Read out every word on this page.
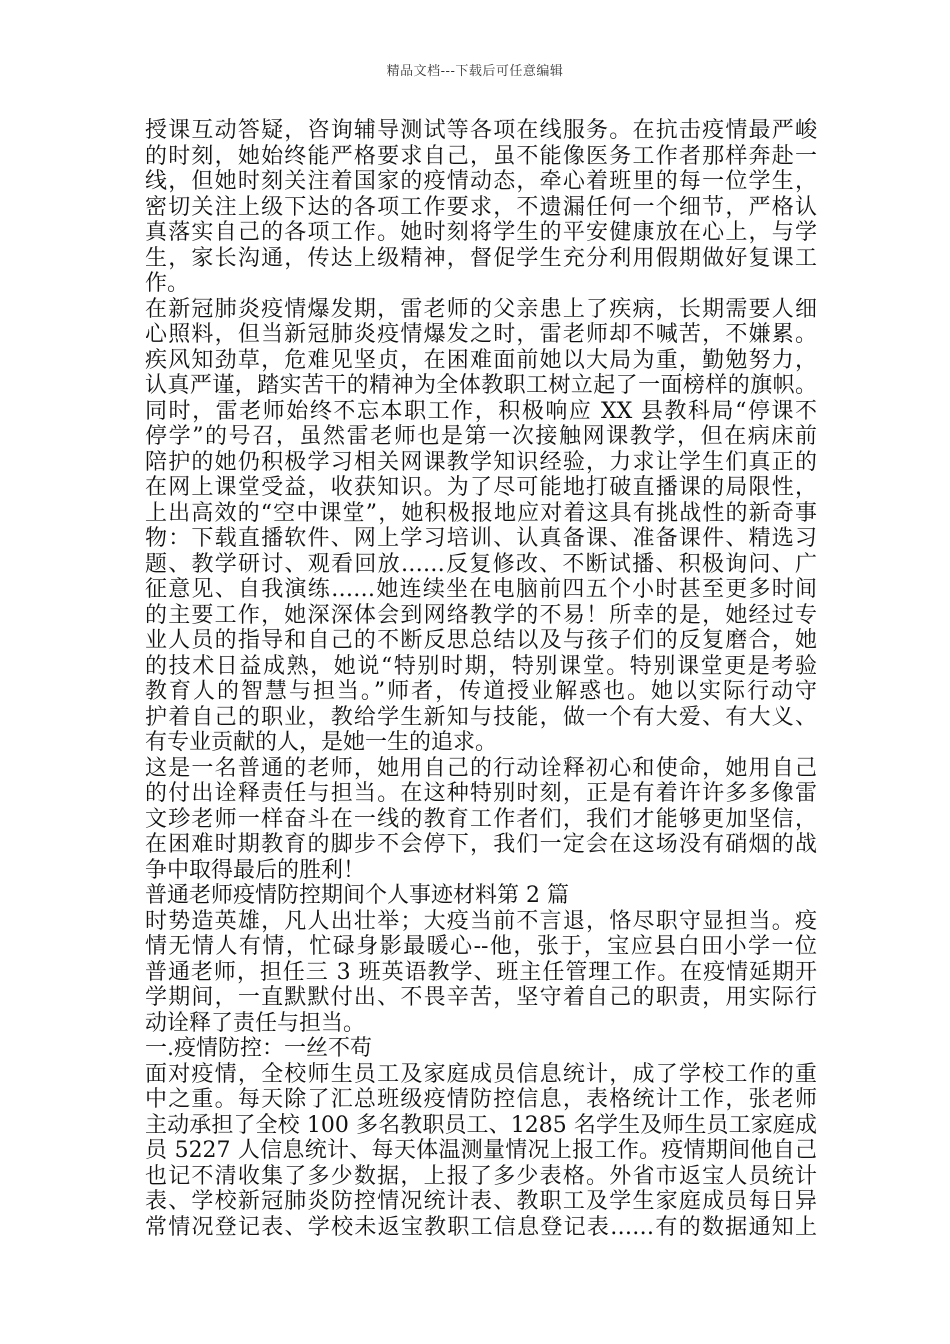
精品文档---下载后可任意编辑
授课互动答疑，咨询辅导测试等各项在线服务。在抗击疫情最严峻
的时刻，她始终能严格要求自己，虽不能像医务工作者那样奔赴一
线，但她时刻关注着国家的疫情动态，牵心着班里的每一位学生，
密切关注上级下达的各项工作要求，不遗漏任何一个细节，严格认
真落实自己的各项工作。她时刻将学生的平安健康放在心上，与学
生，家长沟通，传达上级精神，督促学生充分利用假期做好复课工
作。
在新冠肺炎疫情爆发期，雷老师的父亲患上了疾病，长期需要人细
心照料，但当新冠肺炎疫情爆发之时，雷老师却不喊苦，不嫌累。
疾风知劲草，危难见坚贞，在困难面前她以大局为重，勤勉努力，
认真严谨，踏实苦干的精神为全体教职工树立起了一面榜样的旗帜。
同时，雷老师始终不忘本职工作，积极响应 XX 县教科局“停课不
停学”的号召，虽然雷老师也是第一次接触网课教学，但在病床前
陪护的她仍积极学习相关网课教学知识经验，力求让学生们真正的
在网上课堂受益，收获知识。为了尽可能地打破直播课的局限性，
上出高效的“空中课堂”，她积极报地应对着这具有挑战性的新奇事
物：下载直播软件、网上学习培训、认真备课、准备课件、精选习
题、教学研讨、观看回放……反复修改、不断试播、积极询问、广
征意见、自我演练……她连续坐在电脑前四五个小时甚至更多时间
的主要工作，她深深体会到网络教学的不易！所幸的是，她经过专
业人员的指导和自己的不断反思总结以及与孩子们的反复磨合，她
的技术日益成熟，她说“特别时期，特别课堂。特别课堂更是考验
教育人的智慧与担当。”师者，传道授业解惑也。她以实际行动守
护着自己的职业，教给学生新知与技能，做一个有大爱、有大义、
有专业贡献的人，是她一生的追求。
这是一名普通的老师，她用自己的行动诠释初心和使命，她用自己
的付出诠释责任与担当。在这种特别时刻，正是有着许许多多像雷
文珍老师一样奋斗在一线的教育工作者们，我们才能够更加坚信，
在困难时期教育的脚步不会停下，我们一定会在这场没有硝烟的战
争中取得最后的胜利！
普通老师疫情防控期间个人事迹材料第 2 篇
时势造英雄，凡人出壮举；大疫当前不言退，恪尽职守显担当。疫
情无情人有情，忙碌身影最暖心--他，张于，宝应县白田小学一位
普通老师，担任三 3 班英语教学、班主任管理工作。在疫情延期开
学期间，一直默默付出、不畏辛苦，坚守着自己的职责，用实际行
动诠释了责任与担当。
一.疫情防控：一丝不苟
面对疫情，全校师生员工及家庭成员信息统计，成了学校工作的重
中之重。每天除了汇总班级疫情防控信息，表格统计工作，张老师
主动承担了全校 100 多名教职员工、1285 名学生及师生员工家庭成
员 5227 人信息统计、每天体温测量情况上报工作。疫情期间他自己
也记不清收集了多少数据，上报了多少表格。外省市返宝人员统计
表、学校新冠肺炎防控情况统计表、教职工及学生家庭成员每日异
常情况登记表、学校未返宝教职工信息登记表……有的数据通知上
